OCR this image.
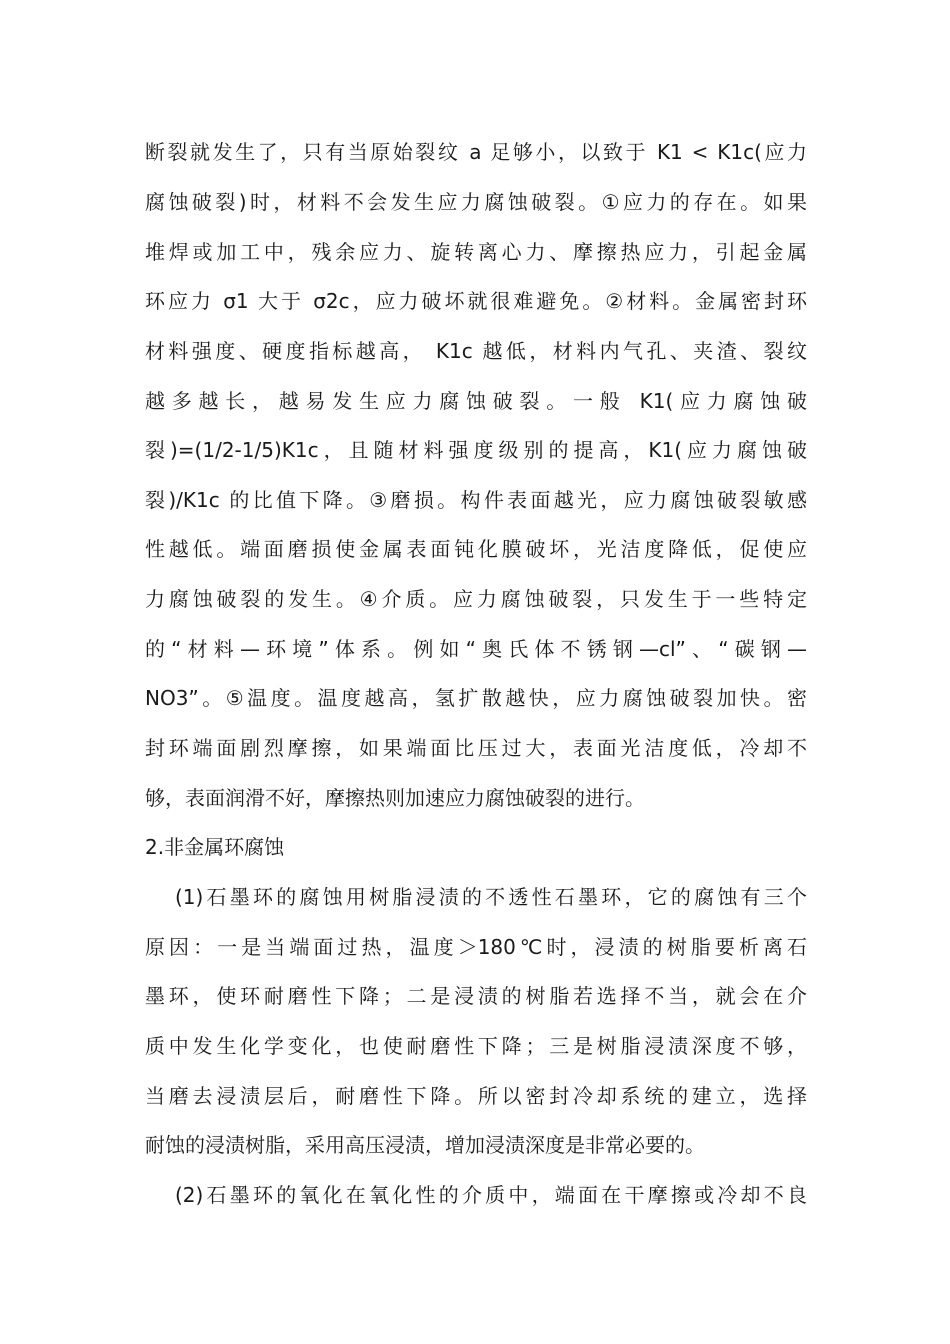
断裂就发生了，只有当原始裂纹 a 足够小，以致于 K1 < K1c(应力
腐蚀破裂)时，材料不会发生应力腐蚀破裂。①应力的存在。如果
堆焊或加工中，残余应力、旋转离心力、摩擦热应力，引起金属
环应力 σ1 大于 σ2c，应力破坏就很难避免。②材料。金属密封环
材料强度、硬度指标越高， K1c 越低，材料内气孔、夹渣、裂纹
越多越长，越易发生应力腐蚀破裂。一般 K1(应力腐蚀破
裂)=(1/2-1/5)K1c，且随材料强度级别的提高，K1(应力腐蚀破
裂)/K1c 的比值下降。③磨损。构件表面越光，应力腐蚀破裂敏感
性越低。端面磨损使金属表面钝化膜破坏，光洁度降低，促使应
力腐蚀破裂的发生。④介质。应力腐蚀破裂，只发生于一些特定
的“材料—环境”体系。例如“奥氏体不锈钢—cl”、“碳钢—
NO3”。⑤温度。温度越高，氢扩散越快，应力腐蚀破裂加快。密
封环端面剧烈摩擦，如果端面比压过大，表面光洁度低，冷却不
够，表面润滑不好，摩擦热则加速应力腐蚀破裂的进行。
2.非金属环腐蚀
(1)石墨环的腐蚀用树脂浸渍的不透性石墨环，它的腐蚀有三个
原因：一是当端面过热，温度＞180℃时，浸渍的树脂要析离石
墨环，使环耐磨性下降；二是浸渍的树脂若选择不当，就会在介
质中发生化学变化，也使耐磨性下降；三是树脂浸渍深度不够，
当磨去浸渍层后，耐磨性下降。所以密封冷却系统的建立，选择
耐蚀的浸渍树脂，采用高压浸渍，增加浸渍深度是非常必要的。
(2)石墨环的氧化在氧化性的介质中，端面在干摩擦或冷却不良
